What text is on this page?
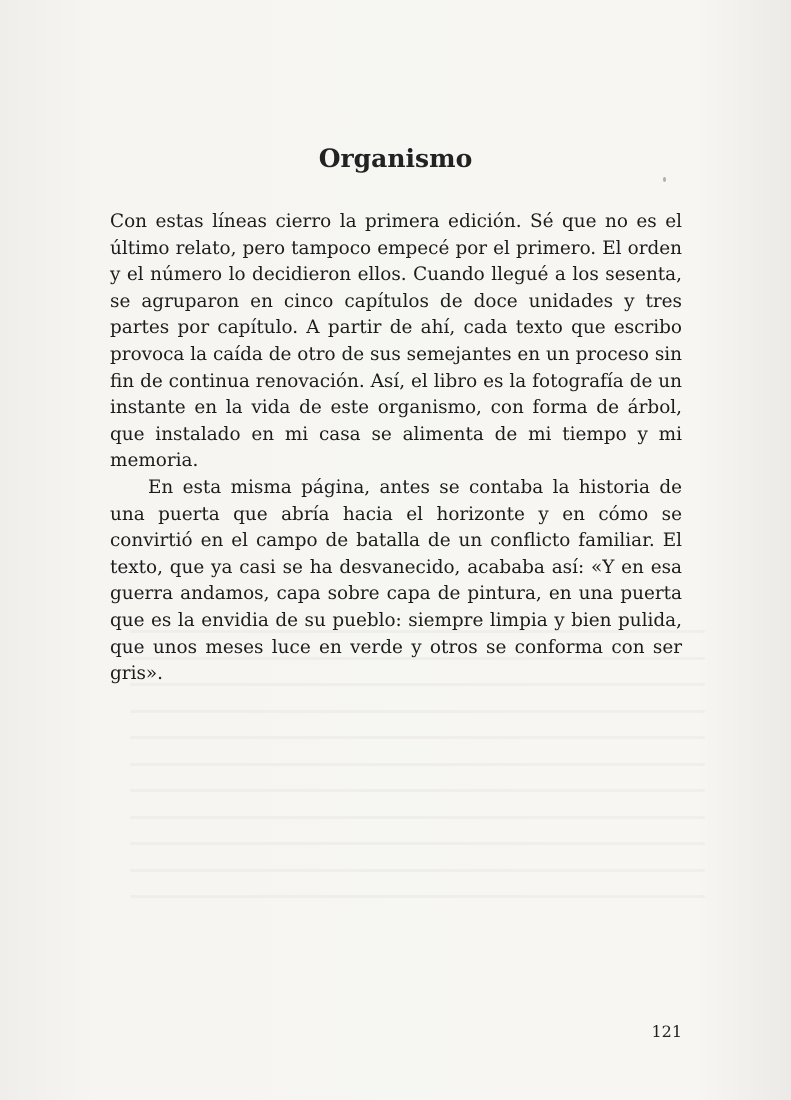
Organismo

Con estas líneas cierro la primera edición. Sé que no es el último relato, pero tampoco empecé por el primero. El orden y el número lo decidieron ellos. Cuando llegué a los sesenta, se agruparon en cinco capítulos de doce unidades y tres partes por capítulo. A partir de ahí, cada texto que escribo provoca la caída de otro de sus semejantes en un proceso sin fin de continua renovación. Así, el libro es la fotografía de un instante en la vida de este organismo, con forma de árbol, que instalado en mi casa se alimenta de mi tiempo y mi memoria.

En esta misma página, antes se contaba la historia de una puerta que abría hacia el horizonte y en cómo se convirtió en el campo de batalla de un conflicto familiar. El texto, que ya casi se ha desvanecido, acababa así: «Y en esa guerra andamos, capa sobre capa de pintura, en una puerta que es la envidia de su pueblo: siempre limpia y bien pulida, que unos meses luce en verde y otros se conforma con ser gris».

121
